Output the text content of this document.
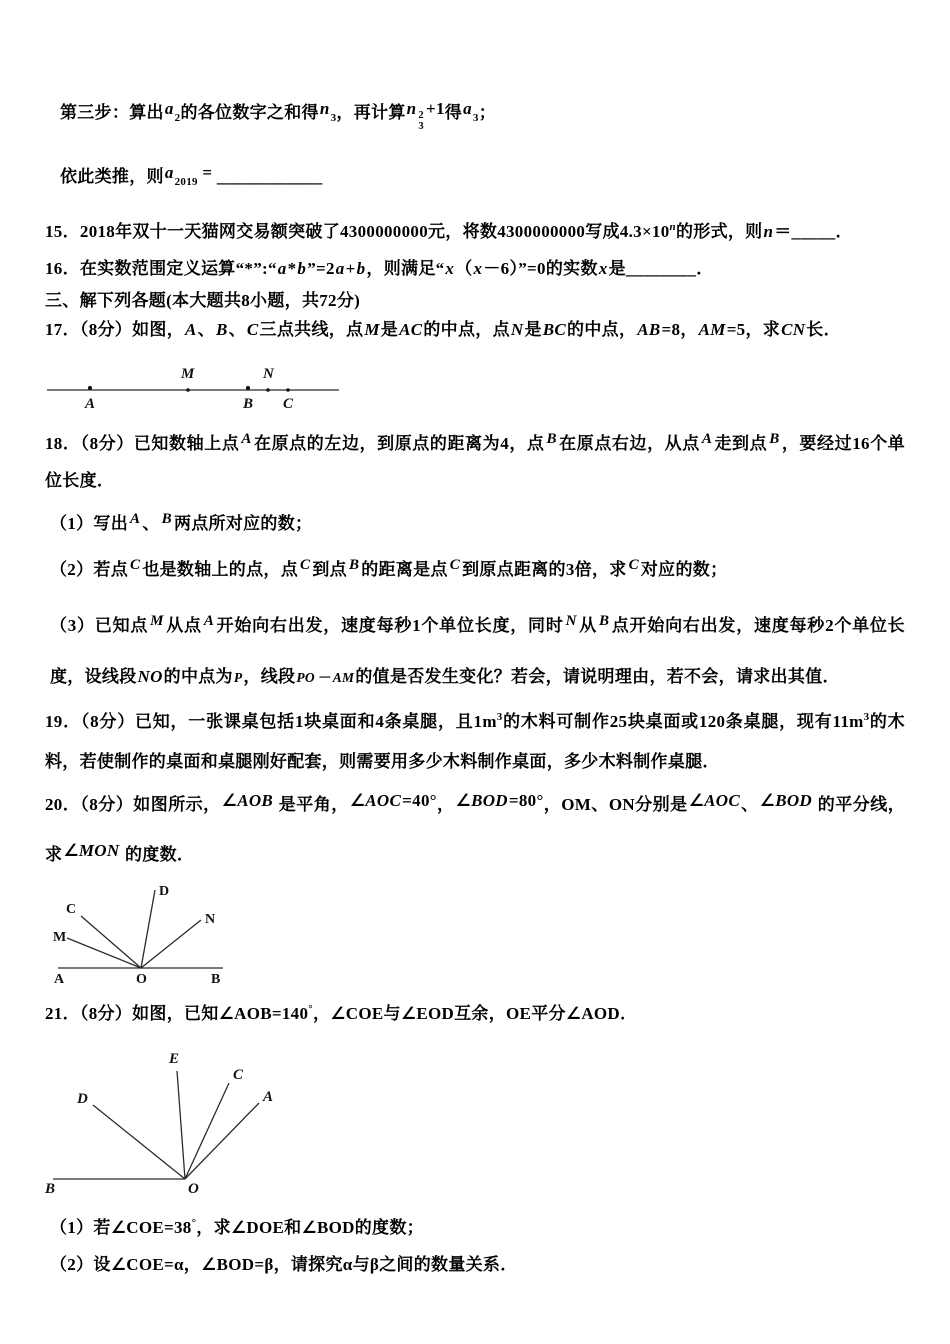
第三步：算出a2的各位数字之和得n3，再计算n 2
3
+1得a3；

依此类推，则a2019 = ____________

15．2018年双十一天猫网交易额突破了4300000000元，将数4300000000写成$4.3\times 10^n$的形式，则n＝_____．

16．在实数范围定义运算“*”:“a*b”=2a+b，则满足“x（x－6）”=0的实数x是________．

三、解下列各题(本大题共8小题，共72分)

17．（8分）如图，A、B、C三点共线，点M是AC的中点，点N是BC的中点，AB=8，AM=5，求CN长．

M	N
A	B C

18．（8分）已知数轴上点 A 在原点的左边，到原点的距离为4，点 B 在原点右边，从点 A 走到点 B ，要经过16个单位长度．

（1）写出 A 、 B 两点所对应的数；

（2）若点 C 也是数轴上的点，点 C 到点 B 的距离是点 C 到原点距离的3倍，求 C 对应的数；

（3）已知点 M 从点 A 开始向右出发，速度每秒1个单位长度，同时 N 从 B 点开始向右出发，速度每秒2个单位长度，设线段NO的中点为P，线段PO － AM的值是否发生变化？若会，请说明理由，若不会，请求出其值．

19．（8分）已知，一张课桌包括1块桌面和4条桌腿，且$1m^3$的木料可制作25块桌面或120条桌腿，现有$11m^3$的木料，若使制作的桌面和桌腿刚好配套，则需要用多少木料制作桌面，多少木料制作桌腿．

20．（8分）如图所示，∠AOB 是平角，∠AOC=40°，∠BOD=80°，OM、ON分别是∠AOC、∠BOD 的平分线，求∠MON 的度数．

M
C
D
N
A	O	B

21．（8分）如图，已知∠AOB=140°，∠COE与∠EOD互余，OE平分∠AOD．

E
D
C
A
B	O

（1）若∠COE=38°，求∠DOE和∠BOD的度数；

（2）设∠COE=α，∠BOD=β，请探究α与β之间的数量关系．
